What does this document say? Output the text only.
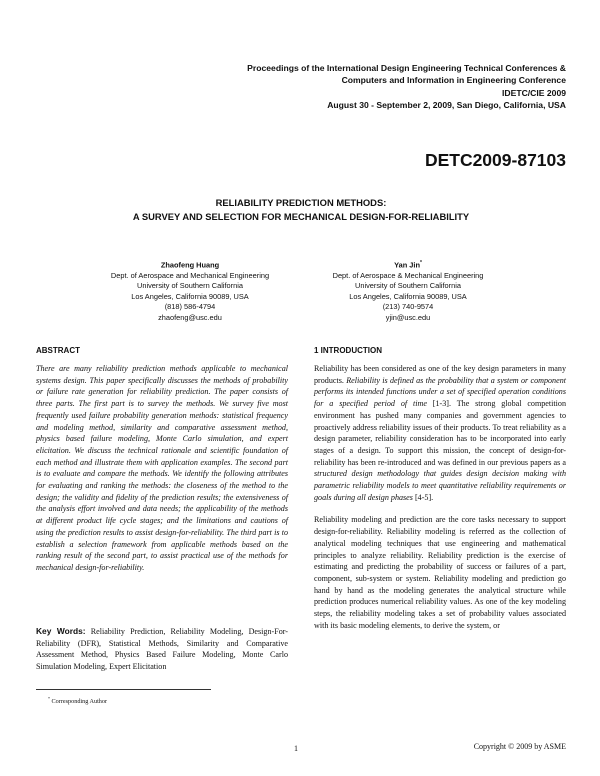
Proceedings of the International Design Engineering Technical Conferences &
Computers and Information in Engineering Conference
IDETC/CIE 2009
August 30 - September 2, 2009, San Diego, California, USA
DETC2009-87103
RELIABILITY PREDICTION METHODS:
A SURVEY AND SELECTION FOR MECHANICAL DESIGN-FOR-RELIABILITY
Zhaofeng Huang
Dept. of Aerospace and Mechanical Engineering
University of Southern California
Los Angeles, California 90089, USA
(818) 586-4794
zhaofeng@usc.edu
Yan Jin*
Dept. of Aerospace & Mechanical Engineering
University of Southern California
Los Angeles, California 90089, USA
(213) 740-9574
yjin@usc.edu
ABSTRACT

There are many reliability prediction methods applicable to mechanical systems design. This paper specifically discusses the methods of probability or failure rate generation for reliability prediction. The paper consists of three parts. The first part is to survey the methods. We survey five most frequently used failure probability generation methods: statistical frequency and modeling method, similarity and comparative assessment method, physics based failure modeling, Monte Carlo simulation, and expert elicitation. We discuss the technical rationale and scientific foundation of each method and illustrate them with application examples. The second part is to evaluate and compare the methods. We identify the following attributes for evaluating and ranking the methods: the closeness of the method to the design; the validity and fidelity of the prediction results; the extensiveness of the analysis effort involved and data needs; the applicability of the methods at different product life cycle stages; and the limitations and cautions of using the prediction results to assist design-for-reliability. The third part is to establish a selection framework from applicable methods based on the ranking result of the second part, to assist practical use of the methods for mechanical design-for-reliability.

Key Words: Reliability Prediction, Reliability Modeling, Design-For-Reliability (DFR), Statistical Methods, Similarity and Comparative Assessment Method, Physics Based Failure Modeling, Monte Carlo Simulation Modeling, Expert Elicitation
* Corresponding Author
1 INTRODUCTION

Reliability has been considered as one of the key design parameters in many products. Reliability is defined as the probability that a system or component performs its intended functions under a set of specified operation conditions for a specified period of time [1-3]. The strong global competition environment has pushed many companies and government agencies to proactively address reliability issues of their products. To treat reliability as a design parameter, reliability consideration has to be incorporated into early stages of a design. To support this mission, the concept of design-for-reliability has been re-introduced and was defined in our previous papers as a structured design methodology that guides design decision making with parametric reliability models to meet quantitative reliability requirements or goals during all design phases [4-5].

Reliability modeling and prediction are the core tasks necessary to support design-for-reliability. Reliability modeling is referred as the collection of analytical modeling techniques that use engineering and mathematical principles to analyze reliability. Reliability prediction is the exercise of estimating and predicting the probability of success or failures of a part, component, sub-system or system. Reliability modeling and prediction go hand by hand as the modeling generates the analytical structure while prediction produces numerical reliability values. As one of the key modeling steps, the reliability modeling takes a set of probability values associated with its basic modeling elements, to derive the system, or

1	Copyright © 2009 by ASME
